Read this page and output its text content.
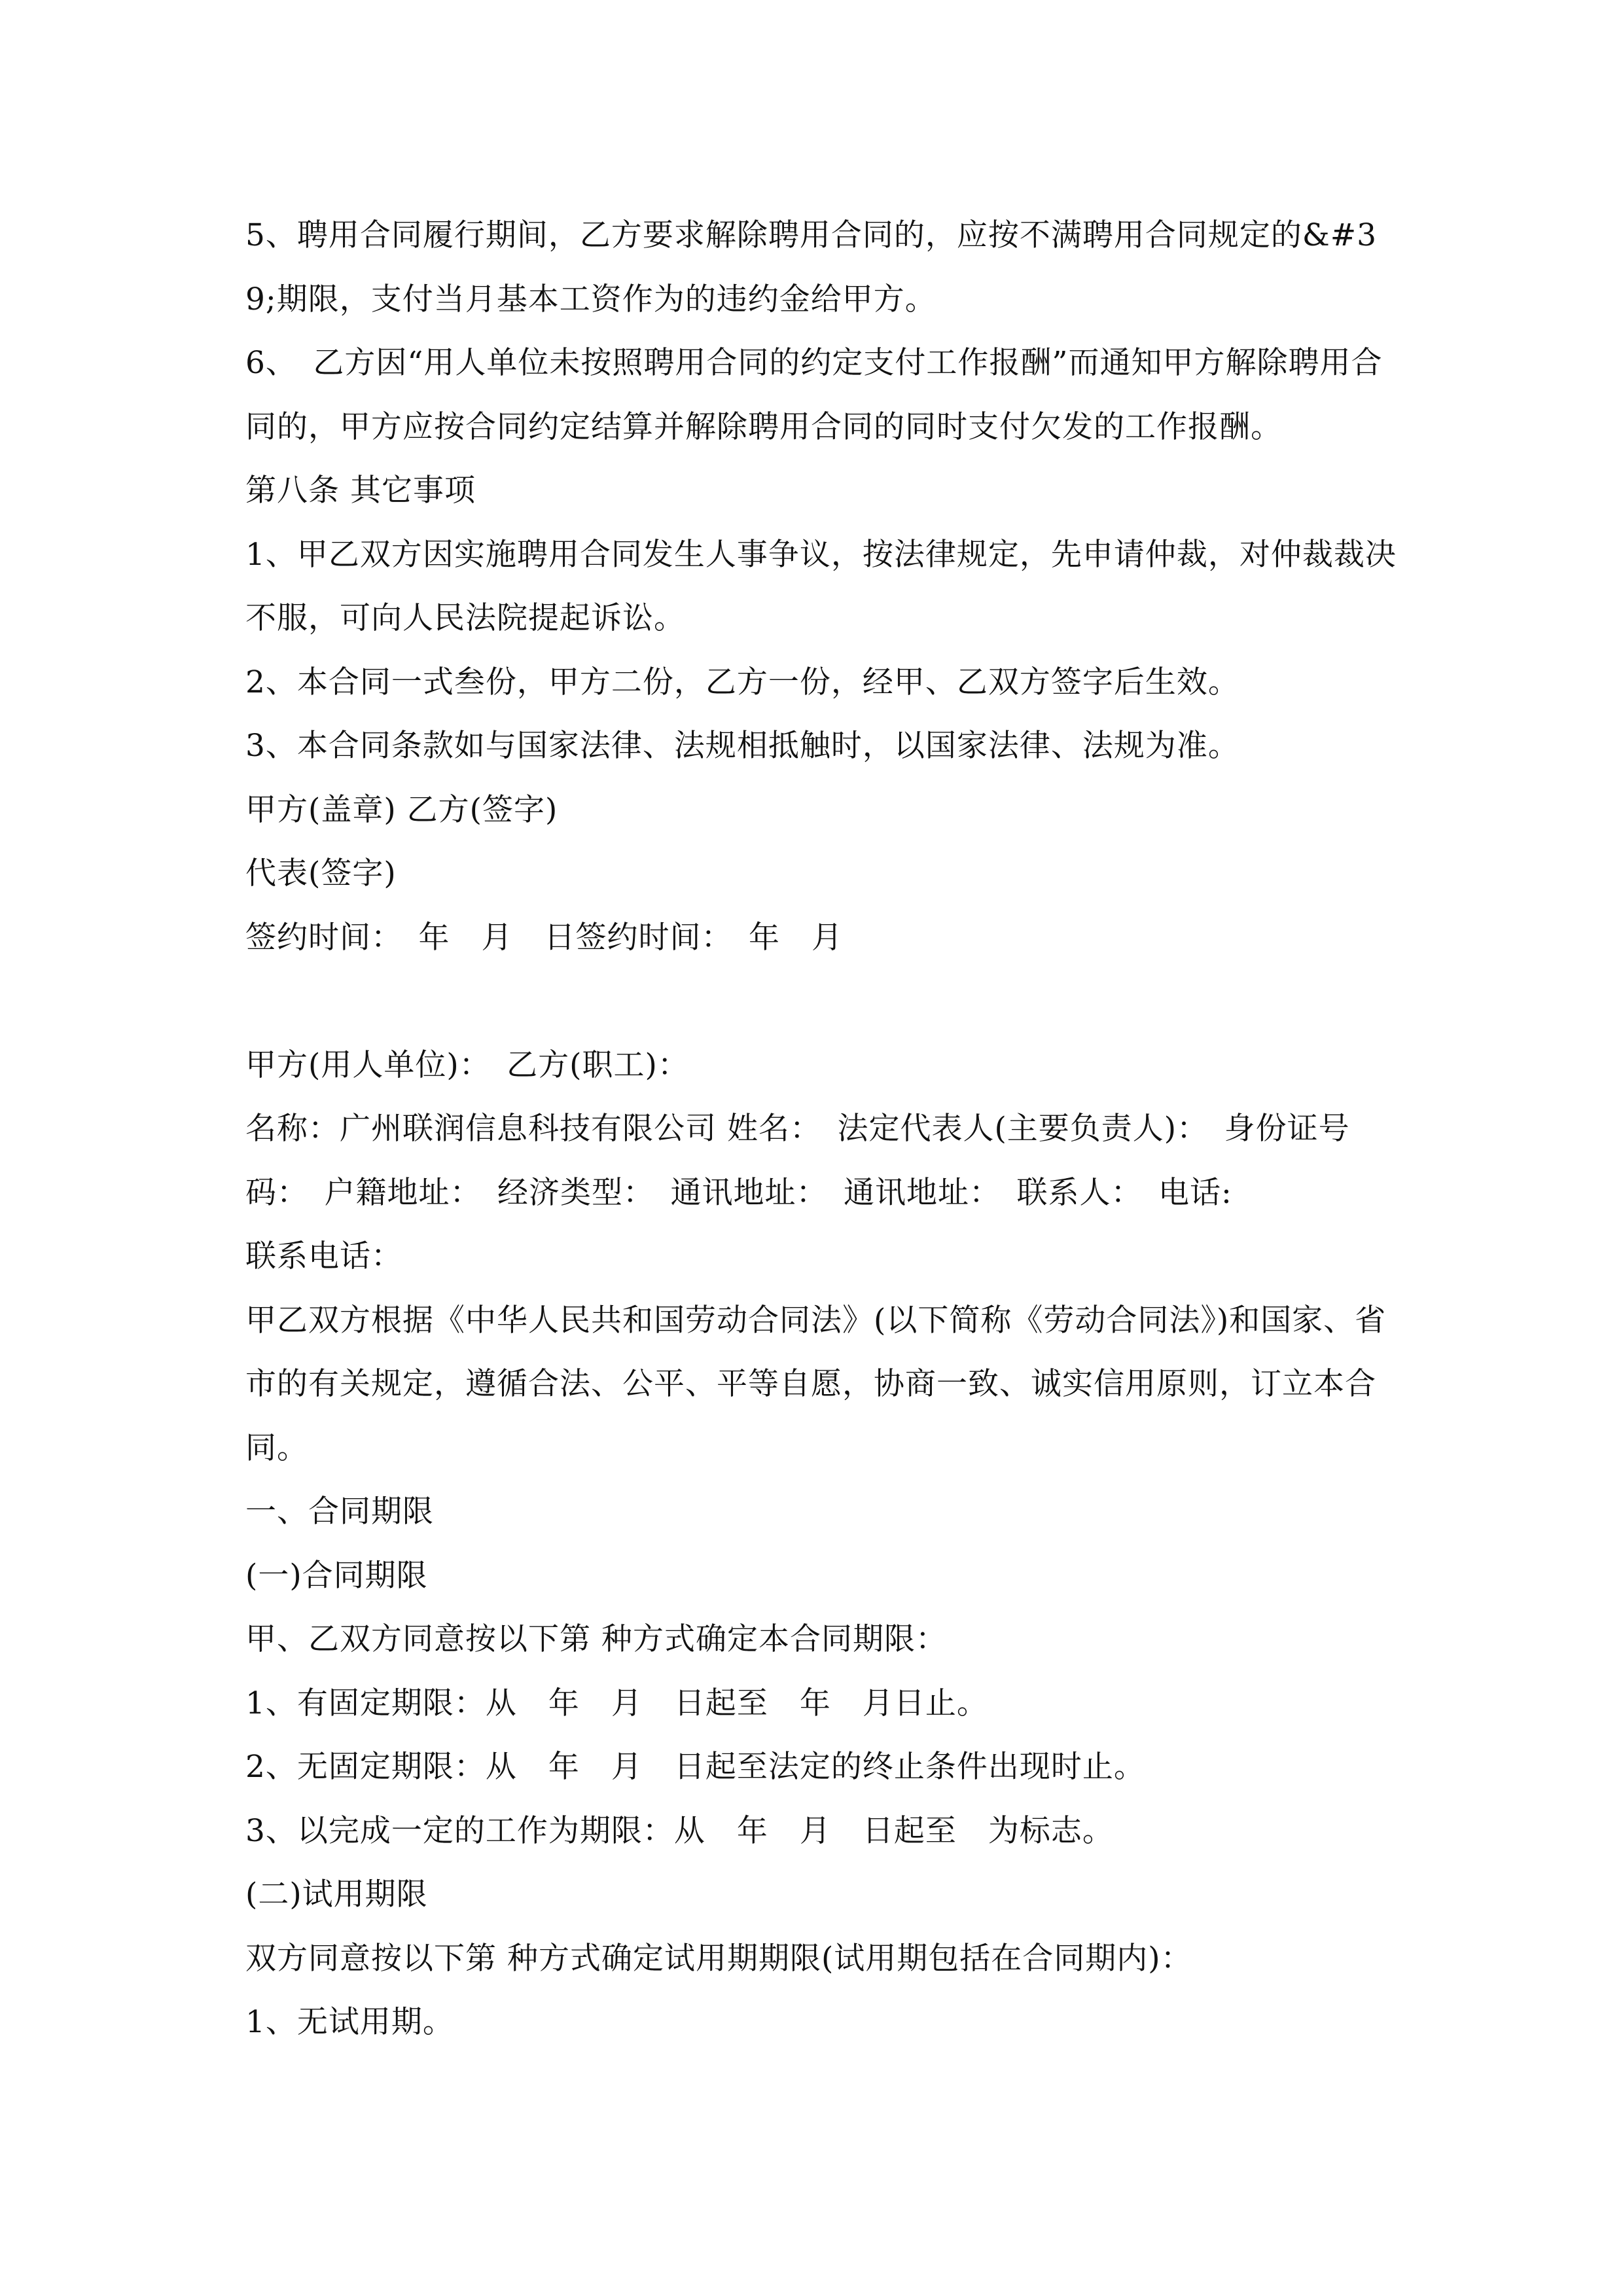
5、聘用合同履行期间，乙方要求解除聘用合同的，应按不满聘用合同规定的&#39;期限，支付当月基本工资作为的违约金给甲方。

6、　乙方因“用人单位未按照聘用合同的约定支付工作报酬”而通知甲方解除聘用合同的，甲方应按合同约定结算并解除聘用合同的同时支付欠发的工作报酬。

第八条 其它事项

1、甲乙双方因实施聘用合同发生人事争议，按法律规定，先申请仲裁，对仲裁裁决不服，可向人民法院提起诉讼。

2、本合同一式叁份，甲方二份，乙方一份，经甲、乙双方签字后生效。

3、本合同条款如与国家法律、法规相抵触时，以国家法律、法规为准。

甲方(盖章) 乙方(签字)

代表(签字)

签约时间：　年　月　日签约时间：　年　月

甲方(用人单位)：　乙方(职工)：

名称：广州联润信息科技有限公司 姓名：　法定代表人(主要负责人)：　身份证号码：　户籍地址：　经济类型：　通讯地址：　通讯地址：　联系人：　电话:

联系电话：

甲乙双方根据《中华人民共和国劳动合同法》(以下简称《劳动合同法》)和国家、省市的有关规定，遵循合法、公平、平等自愿，协商一致、诚实信用原则，订立本合同。

一、合同期限

(一)合同期限

甲、乙双方同意按以下第 种方式确定本合同期限：

1、有固定期限：从　年　月　日起至　年　月日止。

2、无固定期限：从　年　月　日起至法定的终止条件出现时止。

3、以完成一定的工作为期限：从　年　月　日起至　为标志。

(二)试用期限

双方同意按以下第 种方式确定试用期期限(试用期包括在合同期内)：

1、无试用期。
